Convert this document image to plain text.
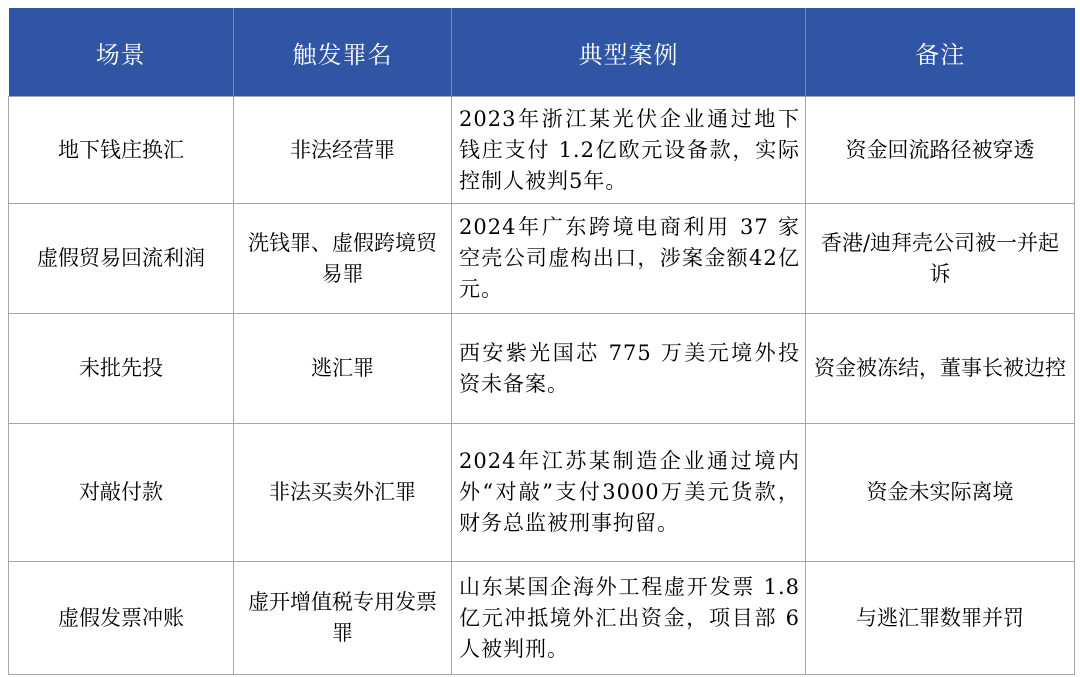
场景	触发罪名	典型案例	备注
地下钱庄换汇	非法经营罪	2023年浙江某光伏企业通过地下钱庄支付 1.2亿欧元设备款，实际控制人被判5年。	资金回流路径被穿透
虚假贸易回流利润	洗钱罪、虚假跨境贸易罪	2024年广东跨境电商利用 37 家空壳公司虚构出口，涉案金额42亿元。	香港/迪拜壳公司被一并起诉
未批先投	逃汇罪	西安紫光国芯 775 万美元境外投资未备案。	资金被冻结，董事长被边控
对敲付款	非法买卖外汇罪	2024年江苏某制造企业通过境内外“对敲”支付3000万美元货款，财务总监被刑事拘留。	资金未实际离境
虚假发票冲账	虚开增值税专用发票罪	山东某国企海外工程虚开发票 1.8 亿元冲抵境外汇出资金，项目部 6 人被判刑。	与逃汇罪数罪并罚
